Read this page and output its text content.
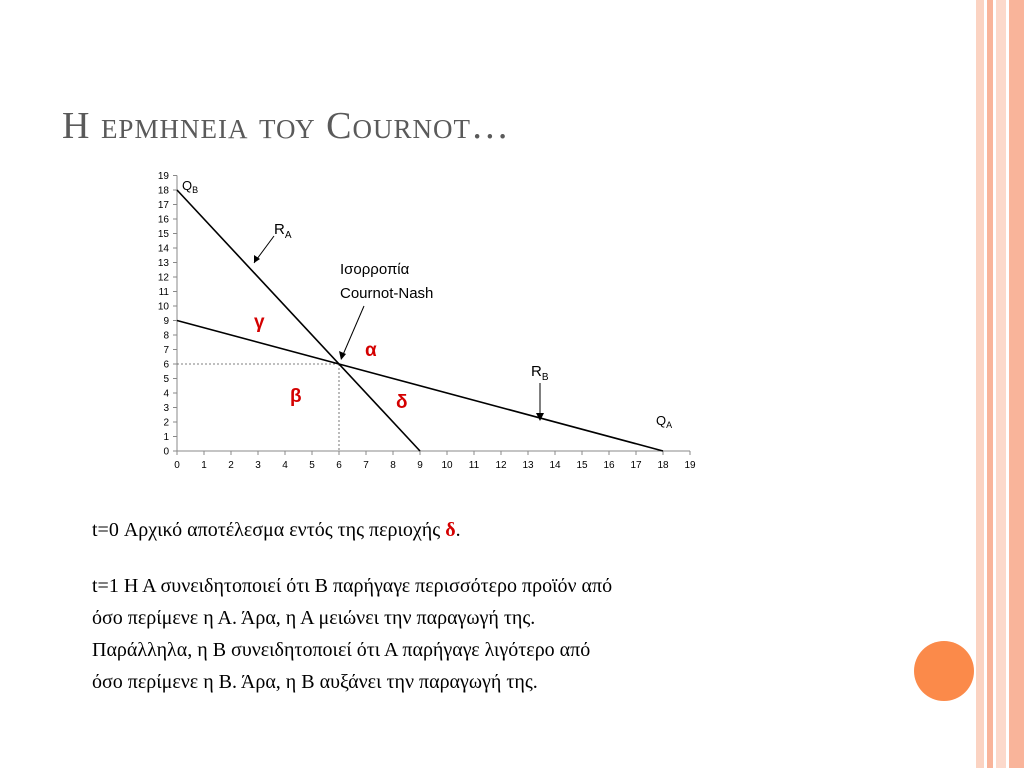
Η ερμηνεια του Cournot…
0
1
2
3
4
5
6
7
8
9
10
11
12
13
14
15
16
17
18
19
0 1 2 3 4 5 6 7 8 9 10 11 12 13 14 15 16 17 18 19
$Q_B$
$Q_A$
$R_A$
$R_B$
Ισορροπία
Cournot-Nash
γ
α
β	δ

t=0 Αρχικό αποτέλεσμα εντός της περιοχής δ.

t=1 Η Α συνειδητοποιεί ότι Β παρήγαγε περισσότερο προϊόν από

όσο περίμενε η Α. Άρα, η Α μειώνει την παραγωγή της.

Παράλληλα, η Β συνειδητοποιεί ότι Α παρήγαγε λιγότερο από

όσο περίμενε η Β. Άρα, η Β αυξάνει την παραγωγή της.
